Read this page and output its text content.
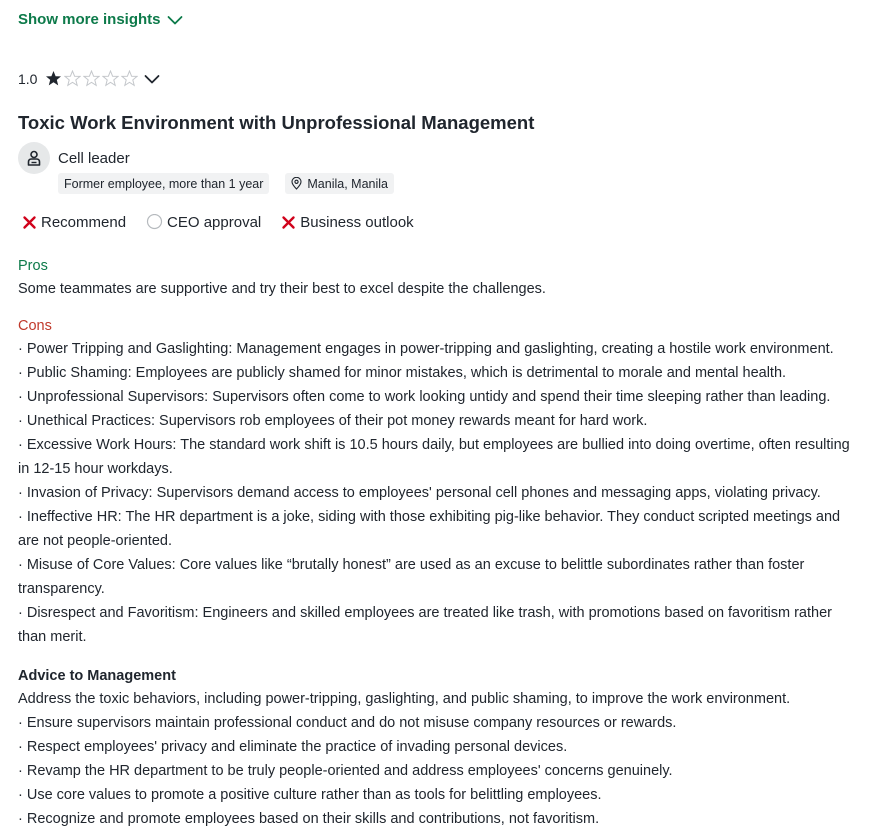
Show more insights
1.0
Toxic Work Environment with Unprofessional Management
Cell leader
Former employee, more than 1 year	Manila, Manila
Recommend	CEO approval	Business outlook
Pros
Some teammates are supportive and try their best to excel despite the challenges.
Cons
· Power Tripping and Gaslighting: Management engages in power-tripping and gaslighting, creating a hostile work environment.
· Public Shaming: Employees are publicly shamed for minor mistakes, which is detrimental to morale and mental health.
· Unprofessional Supervisors: Supervisors often come to work looking untidy and spend their time sleeping rather than leading.
· Unethical Practices: Supervisors rob employees of their pot money rewards meant for hard work.
· Excessive Work Hours: The standard work shift is 10.5 hours daily, but employees are bullied into doing overtime, often resulting
in 12-15 hour workdays.
· Invasion of Privacy: Supervisors demand access to employees' personal cell phones and messaging apps, violating privacy.
· Ineffective HR: The HR department is a joke, siding with those exhibiting pig-like behavior. They conduct scripted meetings and
are not people-oriented.
· Misuse of Core Values: Core values like “brutally honest” are used as an excuse to belittle subordinates rather than foster
transparency.
· Disrespect and Favoritism: Engineers and skilled employees are treated like trash, with promotions based on favoritism rather
than merit.
Advice to Management
Address the toxic behaviors, including power-tripping, gaslighting, and public shaming, to improve the work environment.
· Ensure supervisors maintain professional conduct and do not misuse company resources or rewards.
· Respect employees' privacy and eliminate the practice of invading personal devices.
· Revamp the HR department to be truly people-oriented and address employees' concerns genuinely.
· Use core values to promote a positive culture rather than as tools for belittling employees.
· Recognize and promote employees based on their skills and contributions, not favoritism.
